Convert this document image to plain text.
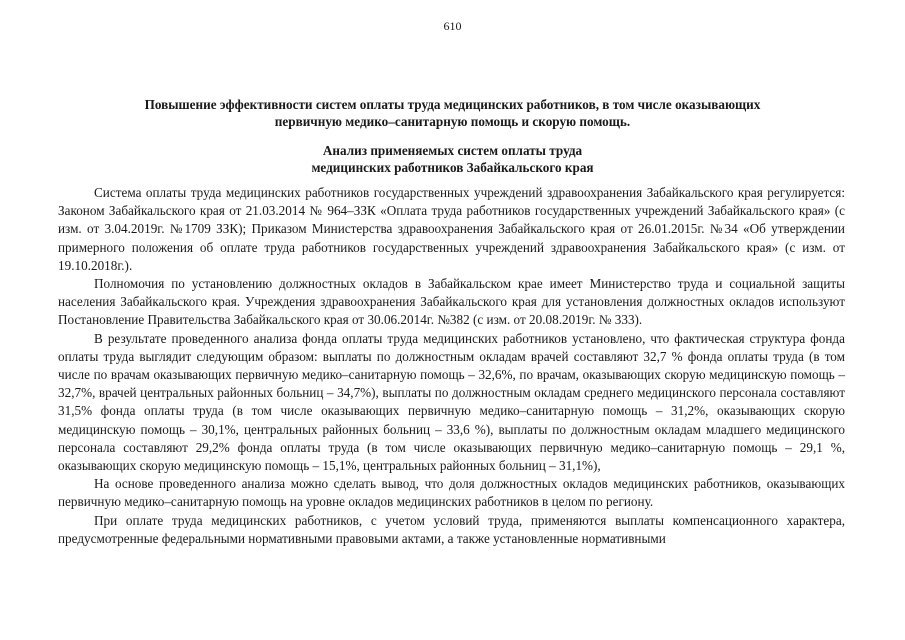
610
Повышение эффективности систем оплаты труда медицинских работников, в том числе оказывающих
первичную медико–санитарную помощь и скорую помощь.
Анализ применяемых систем оплаты труда
медицинских работников Забайкальского края

Система оплаты труда медицинских работников государственных учреждений здравоохранения Забайкальского края регулируется: Законом Забайкальского края от 21.03.2014 № 964–ЗЗК «Оплата труда работников государственных учреждений Забайкальского края» (с изм. от 3.04.2019г. №1709 ЗЗК); Приказом Министерства здравоохранения Забайкальского края от 26.01.2015г. №34 «Об утверждении примерного положения об оплате труда работников государственных учреждений здравоохранения Забайкальского края» (с изм. от 19.10.2018г.).

Полномочия по установлению должностных окладов в Забайкальском крае имеет Министерство труда и социальной защиты населения Забайкальского края. Учреждения здравоохранения Забайкальского края для установления должностных окладов используют Постановление Правительства Забайкальского края от 30.06.2014г. №382 (с изм. от 20.08.2019г. № 333).

В результате проведенного анализа фонда оплаты труда медицинских работников установлено, что фактическая структура фонда оплаты труда выглядит следующим образом: выплаты по должностным окладам врачей составляют 32,7 % фонда оплаты труда (в том числе по врачам оказывающих первичную медико–санитарную помощь – 32,6%, по врачам, оказывающих скорую медицинскую помощь – 32,7%, врачей центральных районных больниц – 34,7%), выплаты по должностным окладам среднего медицинского персонала составляют 31,5% фонда оплаты труда (в том числе оказывающих первичную медико–санитарную помощь – 31,2%, оказывающих скорую медицинскую помощь – 30,1%, центральных районных больниц – 33,6 %), выплаты по должностным окладам младшего медицинского персонала составляют 29,2% фонда оплаты труда (в том числе оказывающих первичную медико–санитарную помощь – 29,1 %, оказывающих скорую медицинскую помощь – 15,1%, центральных районных больниц – 31,1%),

На основе проведенного анализа можно сделать вывод, что доля должностных окладов медицинских работников, оказывающих первичную медико–санитарную помощь на уровне окладов медицинских работников в целом по региону.

При оплате труда медицинских работников, с учетом условий труда, применяются выплаты компенсационного характера, предусмотренные федеральными нормативными правовыми актами, а также установленные нормативными
